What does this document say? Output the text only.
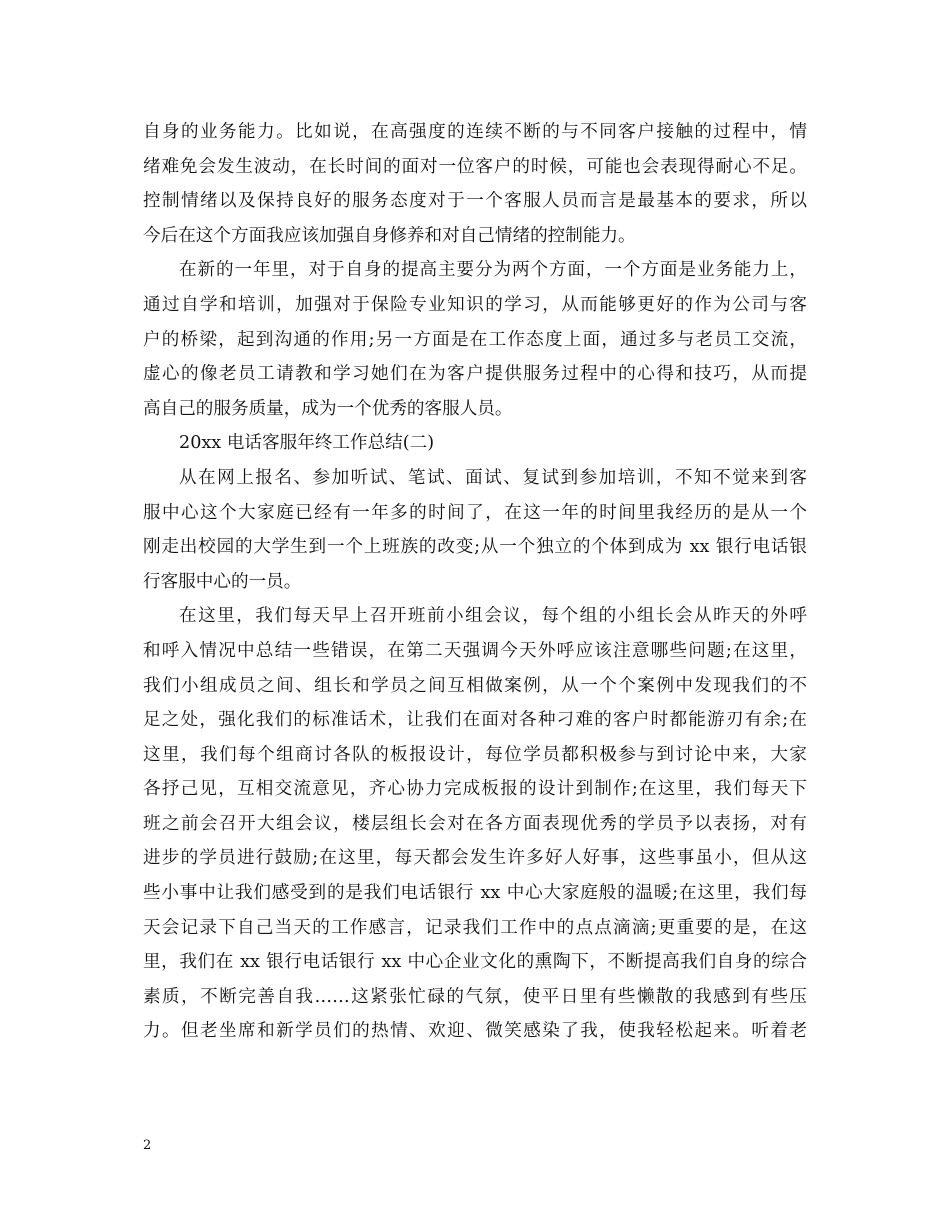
自身的业务能力。比如说，在高强度的连续不断的与不同客户接触的过程中，情
绪难免会发生波动，在长时间的面对一位客户的时候，可能也会表现得耐心不足。
控制情绪以及保持良好的服务态度对于一个客服人员而言是最基本的要求，所以
今后在这个方面我应该加强自身修养和对自己情绪的控制能力。
在新的一年里，对于自身的提高主要分为两个方面，一个方面是业务能力上，
通过自学和培训，加强对于保险专业知识的学习，从而能够更好的作为公司与客
户的桥梁，起到沟通的作用;另一方面是在工作态度上面，通过多与老员工交流，
虚心的像老员工请教和学习她们在为客户提供服务过程中的心得和技巧，从而提
高自己的服务质量，成为一个优秀的客服人员。
20xx 电话客服年终工作总结(二)
从在网上报名、参加听试、笔试、面试、复试到参加培训，不知不觉来到客
服中心这个大家庭已经有一年多的时间了，在这一年的时间里我经历的是从一个
刚走出校园的大学生到一个上班族的改变;从一个独立的个体到成为 xx 银行电话银
行客服中心的一员。
在这里，我们每天早上召开班前小组会议，每个组的小组长会从昨天的外呼
和呼入情况中总结一些错误，在第二天强调今天外呼应该注意哪些问题;在这里，
我们小组成员之间、组长和学员之间互相做案例，从一个个案例中发现我们的不
足之处，强化我们的标准话术，让我们在面对各种刁难的客户时都能游刃有余;在
这里，我们每个组商讨各队的板报设计，每位学员都积极参与到讨论中来，大家
各抒己见，互相交流意见，齐心协力完成板报的设计到制作;在这里，我们每天下
班之前会召开大组会议，楼层组长会对在各方面表现优秀的学员予以表扬，对有
进步的学员进行鼓励;在这里，每天都会发生许多好人好事，这些事虽小，但从这
些小事中让我们感受到的是我们电话银行 xx 中心大家庭般的温暖;在这里，我们每
天会记录下自己当天的工作感言，记录我们工作中的点点滴滴;更重要的是，在这
里，我们在 xx 银行电话银行 xx 中心企业文化的熏陶下，不断提高我们自身的综合
素质，不断完善自我……这紧张忙碌的气氛，使平日里有些懒散的我感到有些压
力。但老坐席和新学员们的热情、欢迎、微笑感染了我，使我轻松起来。听着老
2
